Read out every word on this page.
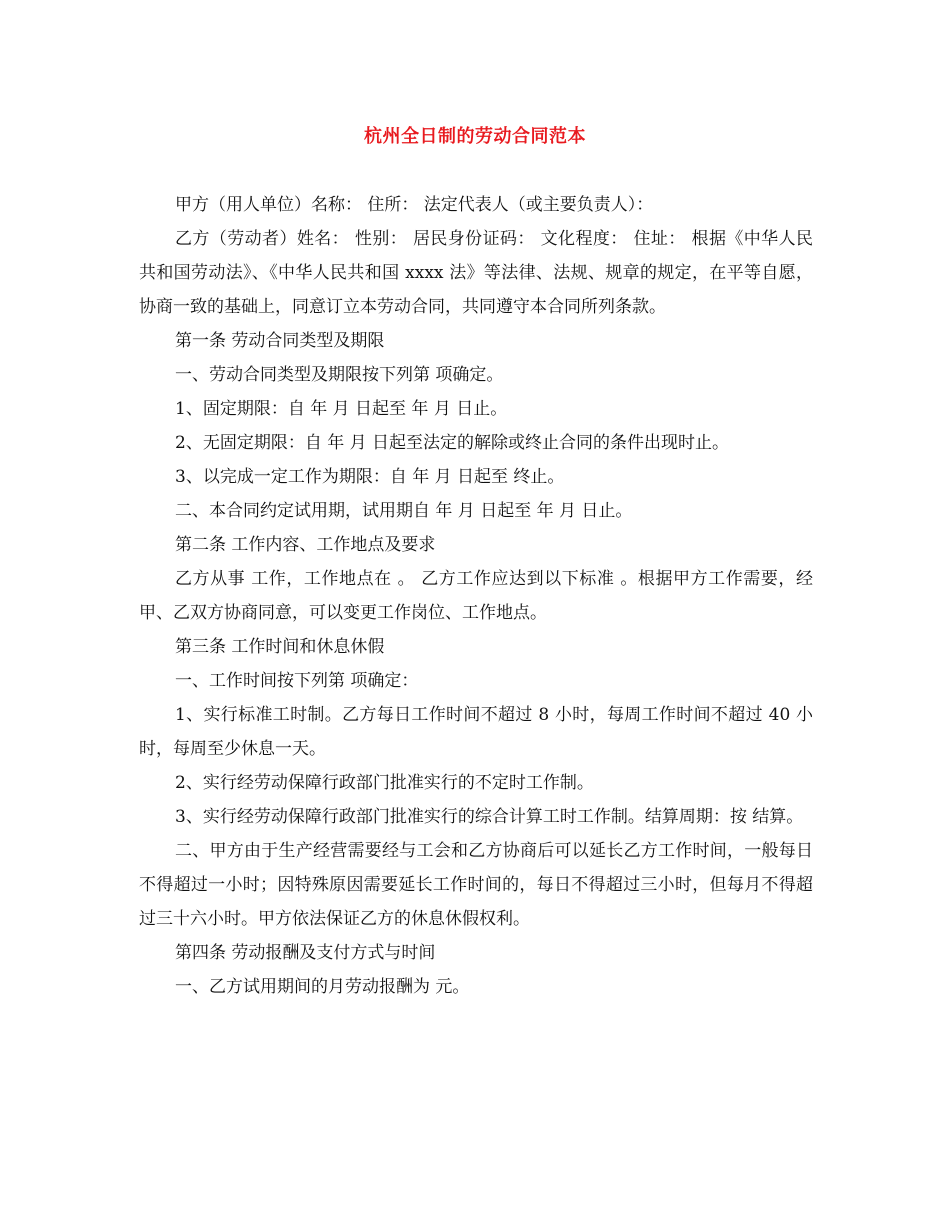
杭州全日制的劳动合同范本

甲方（用人单位）名称： 住所： 法定代表人（或主要负责人）：

乙方（劳动者）姓名： 性别： 居民身份证码： 文化程度： 住址： 根据《中华人民共和国劳动法》、《中华人民共和国 xxxx 法》等法律、法规、规章的规定，在平等自愿，协商一致的基础上，同意订立本劳动合同，共同遵守本合同所列条款。

第一条 劳动合同类型及期限

一、劳动合同类型及期限按下列第 项确定。

1、固定期限：自 年 月 日起至 年 月 日止。

2、无固定期限：自 年 月 日起至法定的解除或终止合同的条件出现时止。

3、以完成一定工作为期限：自 年 月 日起至 终止。

二、本合同约定试用期，试用期自 年 月 日起至 年 月 日止。

第二条 工作内容、工作地点及要求

乙方从事 工作，工作地点在 。 乙方工作应达到以下标准 。根据甲方工作需要，经甲、乙双方协商同意，可以变更工作岗位、工作地点。

第三条 工作时间和休息休假

一、工作时间按下列第 项确定：

1、实行标准工时制。乙方每日工作时间不超过 8 小时，每周工作时间不超过 40 小时，每周至少休息一天。

2、实行经劳动保障行政部门批准实行的不定时工作制。

3、实行经劳动保障行政部门批准实行的综合计算工时工作制。结算周期：按 结算。

二、甲方由于生产经营需要经与工会和乙方协商后可以延长乙方工作时间，一般每日不得超过一小时；因特殊原因需要延长工作时间的，每日不得超过三小时，但每月不得超过三十六小时。甲方依法保证乙方的休息休假权利。

第四条 劳动报酬及支付方式与时间

一、乙方试用期间的月劳动报酬为 元。
